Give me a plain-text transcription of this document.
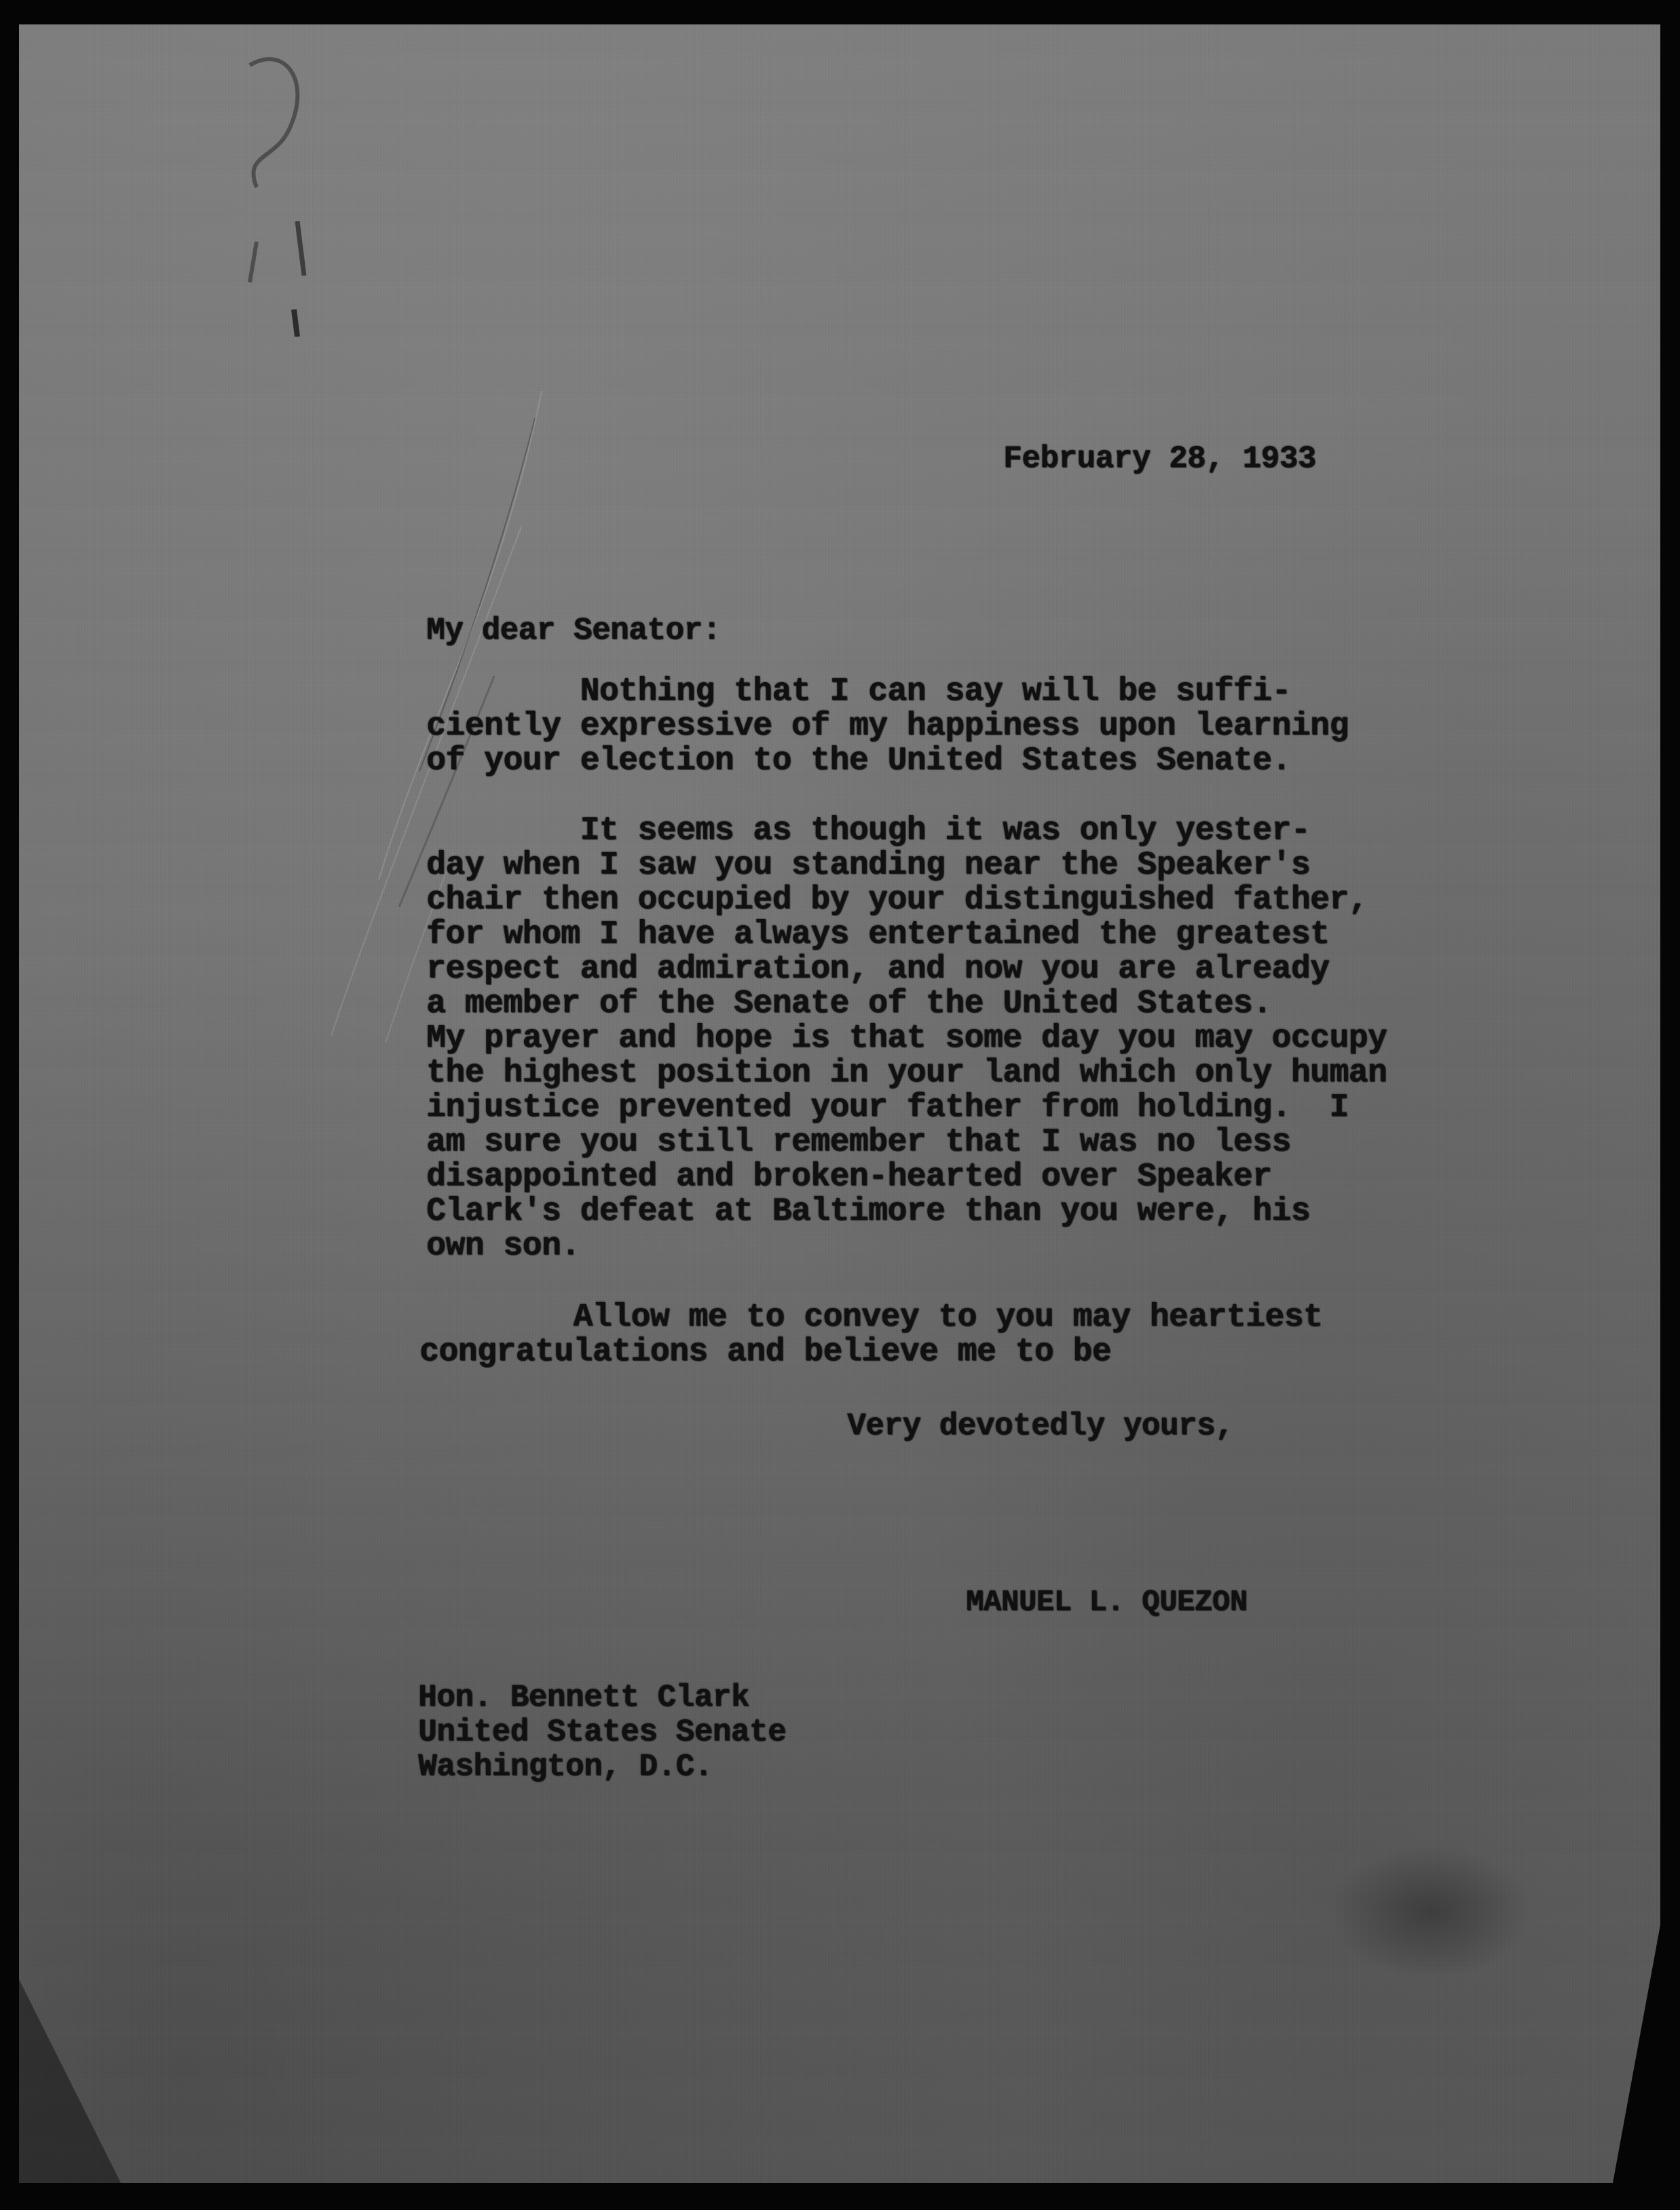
February 28, 1933
My dear Senator:
Nothing that I can say will be suffi-
ciently expressive of my happiness upon learning
of your election to the United States Senate.
It seems as though it was only yester-
day when I saw you standing near the Speaker's
chair then occupied by your distinguished father,
for whom I have always entertained the greatest
respect and admiration, and now you are already
a member of the Senate of the United States.
My prayer and hope is that some day you may occupy
the highest position in your land which only human
injustice prevented your father from holding.  I
am sure you still remember that I was no less
disappointed and broken-hearted over Speaker
Clark's defeat at Baltimore than you were, his
own son.
Allow me to convey to you may heartiest
congratulations and believe me to be
Very devotedly yours,
MANUEL L. QUEZON
Hon. Bennett Clark
United States Senate
Washington, D.C.
